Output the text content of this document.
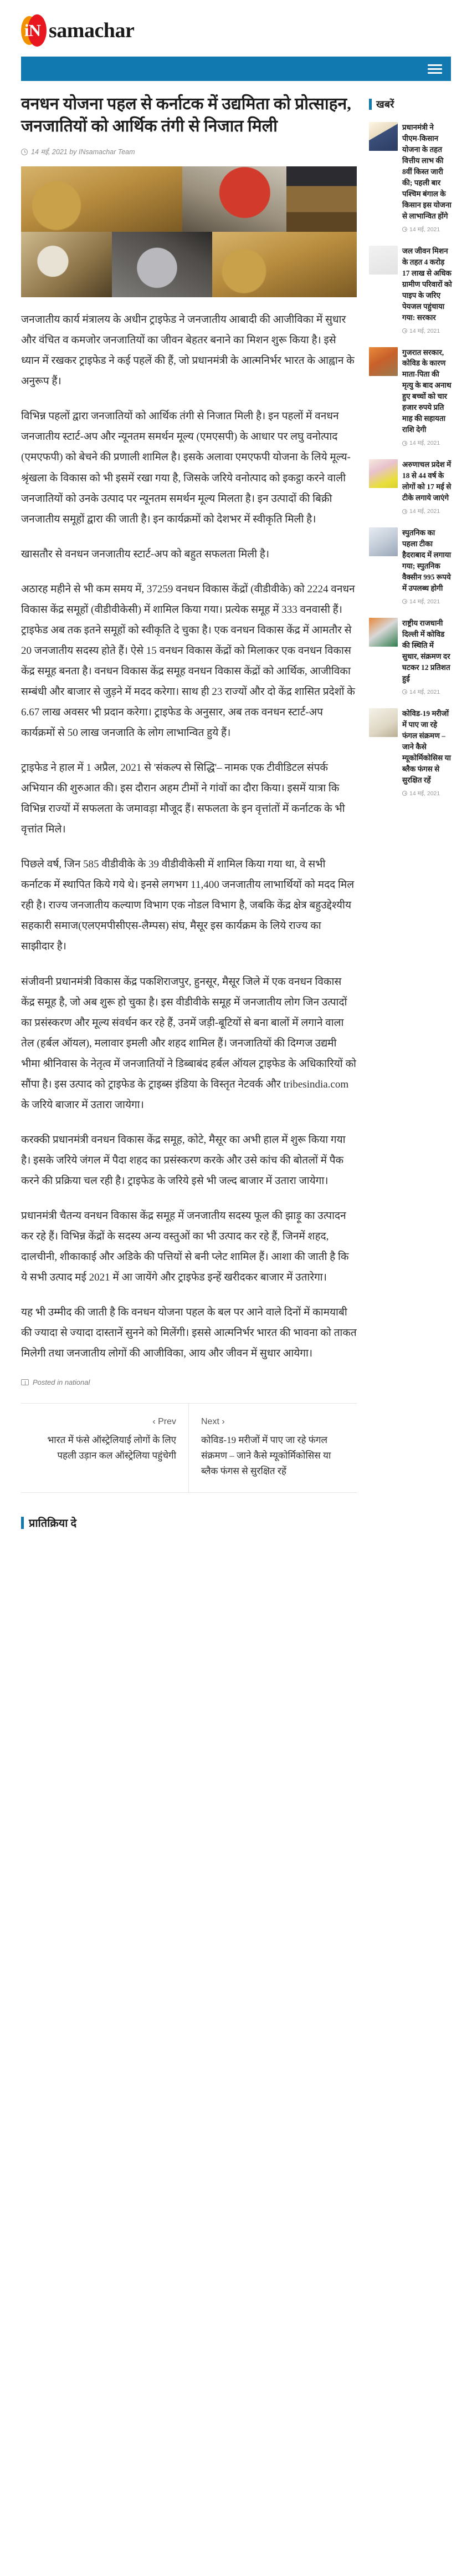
iN samachar
वनधन योजना पहल से कर्नाटक में उद्यमिता को प्रोत्साहन, जनजातियों को आर्थिक तंगी से निजात मिली
14 मई, 2021 by INsamachar Team

जनजातीय कार्य मंत्रालय के अधीन ट्राइफेड ने जनजातीय आबादी की आजीविका में सुधार और वंचित व कमजोर जनजातियों का जीवन बेहतर बनाने का मिशन शुरू किया है। इसे ध्यान में रखकर ट्राइफेड ने कई पहलें की हैं, जो प्रधानमंत्री के आत्मनिर्भर भारत के आह्वान के अनुरूप हैं।

विभिन्न पहलों द्वारा जनजातियों को आर्थिक तंगी से निजात मिली है। इन पहलों में वनधन जनजातीय स्टार्ट-अप और न्यूनतम समर्थन मूल्य (एमएसपी) के आधार पर लघु वनोत्पाद (एमएफपी) को बेचने की प्रणाली शामिल है। इसके अलावा एमएफपी योजना के लिये मूल्य-श्रृंखला के विकास को भी इसमें रखा गया है, जिसके जरिये वनोत्पाद को इकट्ठा करने वाली जनजातियों को उनके उत्पाद पर न्यूनतम समर्थन मूल्य मिलता है। इन उत्पादों की बिक्री जनजातीय समूहों द्वारा की जाती है। इन कार्यक्रमों को देशभर में स्वीकृति मिली है।

खासतौर से वनधन जनजातीय स्टार्ट-अप को बहुत सफलता मिली है।

अठारह महीने से भी कम समय में, 37259 वनधन विकास केंद्रों (वीडीवीके) को 2224 वनधन विकास केंद्र समूहों (वीडीवीकेसी) में शामिल किया गया। प्रत्येक समूह में 333 वनवासी हैं। ट्राइफेड अब तक इतने समूहों को स्वीकृति दे चुका है। एक वनधन विकास केंद्र में आमतौर से 20 जनजातीय सदस्य होते हैं। ऐसे 15 वनधन विकास केंद्रों को मिलाकर एक वनधन विकास केंद्र समूह बनता है। वनधन विकास केंद्र समूह वनधन विकास केंद्रों को आर्थिक, आजीविका सम्बंधी और बाजार से जुड़ने में मदद करेगा। साथ ही 23 राज्यों और दो केंद्र शासित प्रदेशों के 6.67 लाख अवसर भी प्रदान करेगा। ट्राइफेड के अनुसार, अब तक वनधन स्टार्ट-अप कार्यक्रमों से 50 लाख जनजाति के लोग लाभान्वित हुये हैं।

ट्राइफेड ने हाल में 1 अप्रैल, 2021 से 'संकल्प से सिद्धि'– नामक एक टीवीडिटल संपर्क अभियान की शुरुआत की। इस दौरान अहम टीमों ने गांवों का दौरा किया। इसमें यात्रा कि विभिन्न राज्यों में सफलता के जमावड़ा मौजूद हैं। सफलता के इन वृत्तांतों में कर्नाटक के भी वृत्तांत मिले।

पिछले वर्ष, जिन 585 वीडीवीके के 39 वीडीवीकेसी में शामिल किया गया था, वे सभी कर्नाटक में स्थापित किये गये थे। इनसे लगभग 11,400 जनजातीय लाभार्थियों को मदद मिल रही है। राज्य जनजातीय कल्याण विभाग एक नोडल विभाग है, जबकि केंद्र क्षेत्र बहुउद्देश्यीय सहकारी समाज(एलएमपीसीएस-लैम्पस) संघ, मैसूर इस कार्यक्रम के लिये राज्य का साझीदार है।

संजीवनी प्रधानमंत्री विकास केंद्र पकशिराजपुर, हुनसूर, मैसूर जिले में एक वनधन विकास केंद्र समूह है, जो अब शुरू हो चुका है। इस वीडीवीके समूह में जनजातीय लोग जिन उत्पादों का प्रसंस्करण और मूल्य संवर्धन कर रहे हैं, उनमें जड़ी-बूटियों से बना बालों में लगाने वाला तेल (हर्बल ऑयल), मलावार इमली और शहद शामिल हैं। जनजातियों की दिग्गज उद्यमी भीमा श्रीनिवास के नेतृत्व में जनजातियों ने डिब्बाबंद हर्बल ऑयल ट्राइफेड के अधिकारियों को सौंपा है। इस उत्पाद को ट्राइफेड के ट्राइब्स इंडिया के विस्तृत नेटवर्क और tribesindia.com के जरिये बाजार में उतारा जायेगा।

करक्की प्रधानमंत्री वनधन विकास केंद्र समूह, कोटे, मैसूर का अभी हाल में शुरू किया गया है। इसके जरिये जंगल में पैदा शहद का प्रसंस्करण करके और उसे कांच की बोतलों में पैक करने की प्रक्रिया चल रही है। ट्राइफेड के जरिये इसे भी जल्द बाजार में उतारा जायेगा।

प्रधानमंत्री चैतन्य वनधन विकास केंद्र समूह में जनजातीय सदस्य फूल की झाड़ू का उत्पादन कर रहे हैं। विभिन्न केंद्रों के सदस्य अन्य वस्तुओं का भी उत्पाद कर रहे हैं, जिनमें शहद, दालचीनी, शीकाकाई और अडिके की पत्तियों से बनी प्लेट शामिल हैं। आशा की जाती है कि ये सभी उत्पाद मई 2021 में आ जायेंगे और ट्राइफेड इन्हें खरीदकर बाजार में उतारेगा।

यह भी उम्मीद की जाती है कि वनधन योजना पहल के बल पर आने वाले दिनों में कामयाबी की ज्यादा से ज्यादा दास्तानें सुनने को मिलेंगी। इससे आत्मनिर्भर भारत की भावना को ताकत मिलेगी तथा जनजातीय लोगों की आजीविका, आय और जीवन में सुधार आयेगा।

Posted in national
‹ Prev
भारत में फंसे ऑस्ट्रेलियाई लोगों के लिए पहली उड़ान कल ऑस्ट्रेलिया पहुंचेगी
Next ›
कोविड-19 मरीजों में पाए जा रहे फंगल संक्रमण – जाने कैसे म्यूकोर्मिकोसिस या ब्लैक फंगस से सुरक्षित रहें
प्रातिक्रिया दे
खबरें
प्रधानमंत्री ने पीएम-किसान योजना के तहत वित्तीय लाभ की 8वीं किस्त जारी की; पहली बार पश्चिम बंगाल के किसान इस योजना से लाभान्वित होंगे
14 मई, 2021
जल जीवन मिशन के तहत 4 करोड़ 17 लाख से अधिक ग्रामीण परिवारों को पाइप के जरिए पेयजल पहुंचाया गया: सरकार
14 मई, 2021
गुजरात सरकार, कोविड के कारण माता-पिता की मृत्यु के बाद अनाथ हुए बच्चों को चार हजार रुपये प्रति माह की सहायता राशि देगी
14 मई, 2021
अरुणाचल प्रदेश में 18 से 44 वर्ष के लोगों को 17 मई से टीके लगाये जाएंगे
14 मई, 2021
स्पुतनिक का पहला टीका हैदराबाद में लगाया गया; स्पुतनिक वैक्सीन 995 रूपये में उपलब्ध होगी
14 मई, 2021
राष्ट्रीय राजधानी दिल्ली में कोविड की स्थिति में सुधार, संक्रमण दर घटकर 12 प्रतिशत हुई
14 मई, 2021
कोविड-19 मरीजों में पाए जा रहे फंगल संक्रमण – जाने कैसे म्यूकोर्मिकोसिस या ब्लैक फंगस से सुरक्षित रहें
14 मई, 2021
